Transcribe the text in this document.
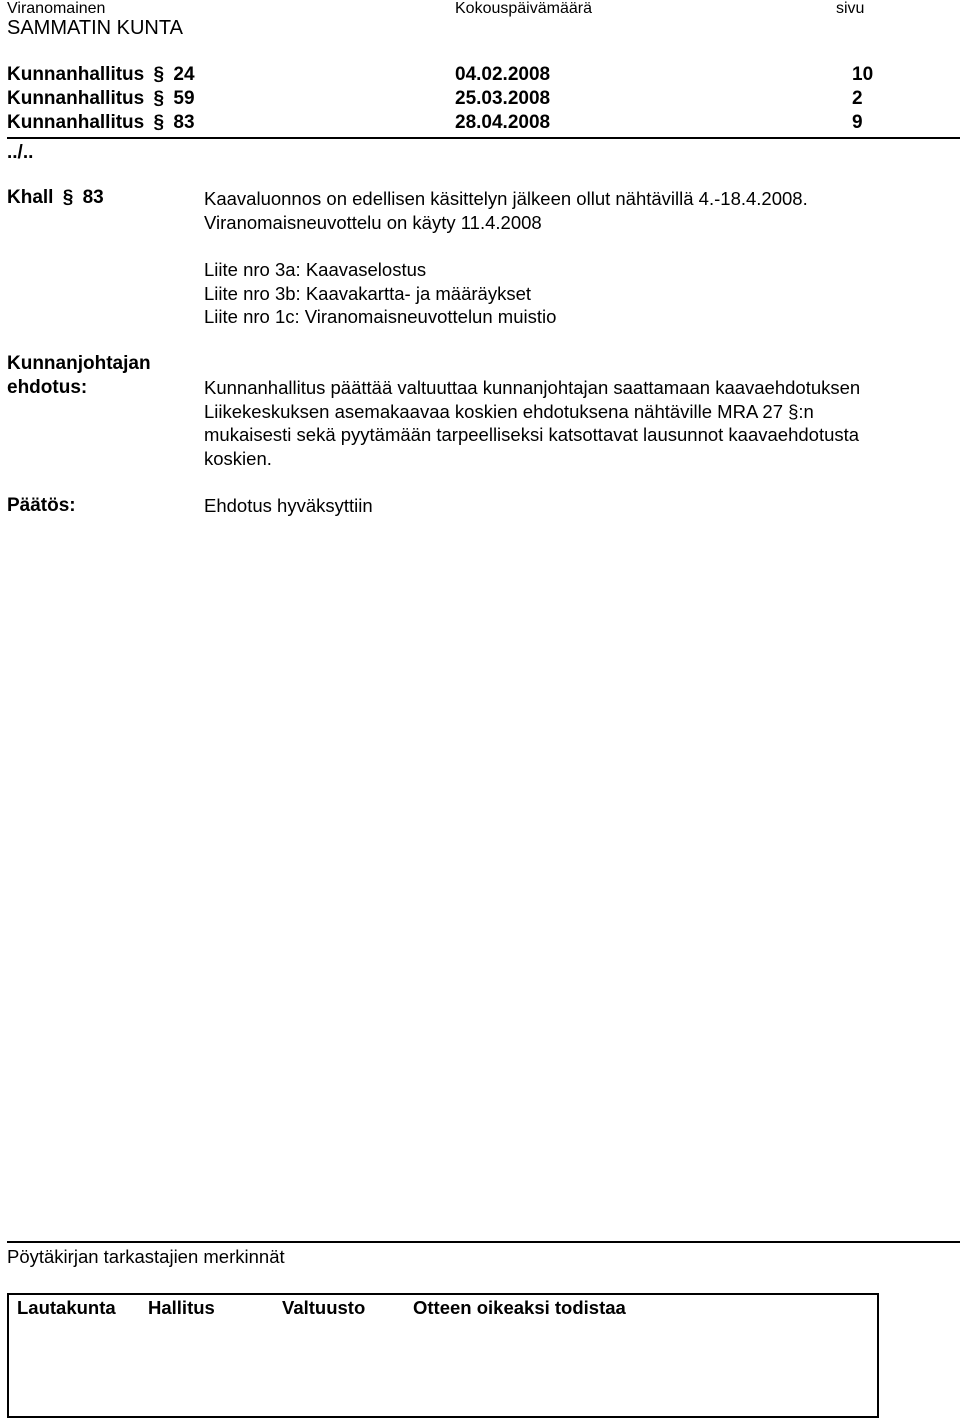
Viranomainen	Kokouspäivämäärä	sivu
SAMMATIN KUNTA
Kunnanhallitus § 24	04.02.2008	10
Kunnanhallitus § 59	25.03.2008	2
Kunnanhallitus § 83	28.04.2008	9
../..
Khall § 83	Kaavaluonnos on edellisen käsittelyn jälkeen ollut nähtävillä 4.-18.4.2008.
Viranomaisneuvottelu on käyty 11.4.2008
Liite nro 3a: Kaavaselostus
Liite nro 3b: Kaavakartta- ja määräykset
Liite nro 1c: Viranomaisneuvottelun muistio
Kunnanjohtajan
ehdotus:	Kunnanhallitus päättää valtuuttaa kunnanjohtajan saattamaan kaavaehdotuksen
Liikekeskuksen asemakaavaa koskien ehdotuksena nähtäville MRA 27 §:n
mukaisesti sekä pyytämään tarpeelliseksi katsottavat lausunnot kaavaehdotusta
koskien.
Päätös:	Ehdotus hyväksyttiin
Pöytäkirjan tarkastajien merkinnät
Lautakunta	Hallitus	Valtuusto	Otteen oikeaksi todistaa
